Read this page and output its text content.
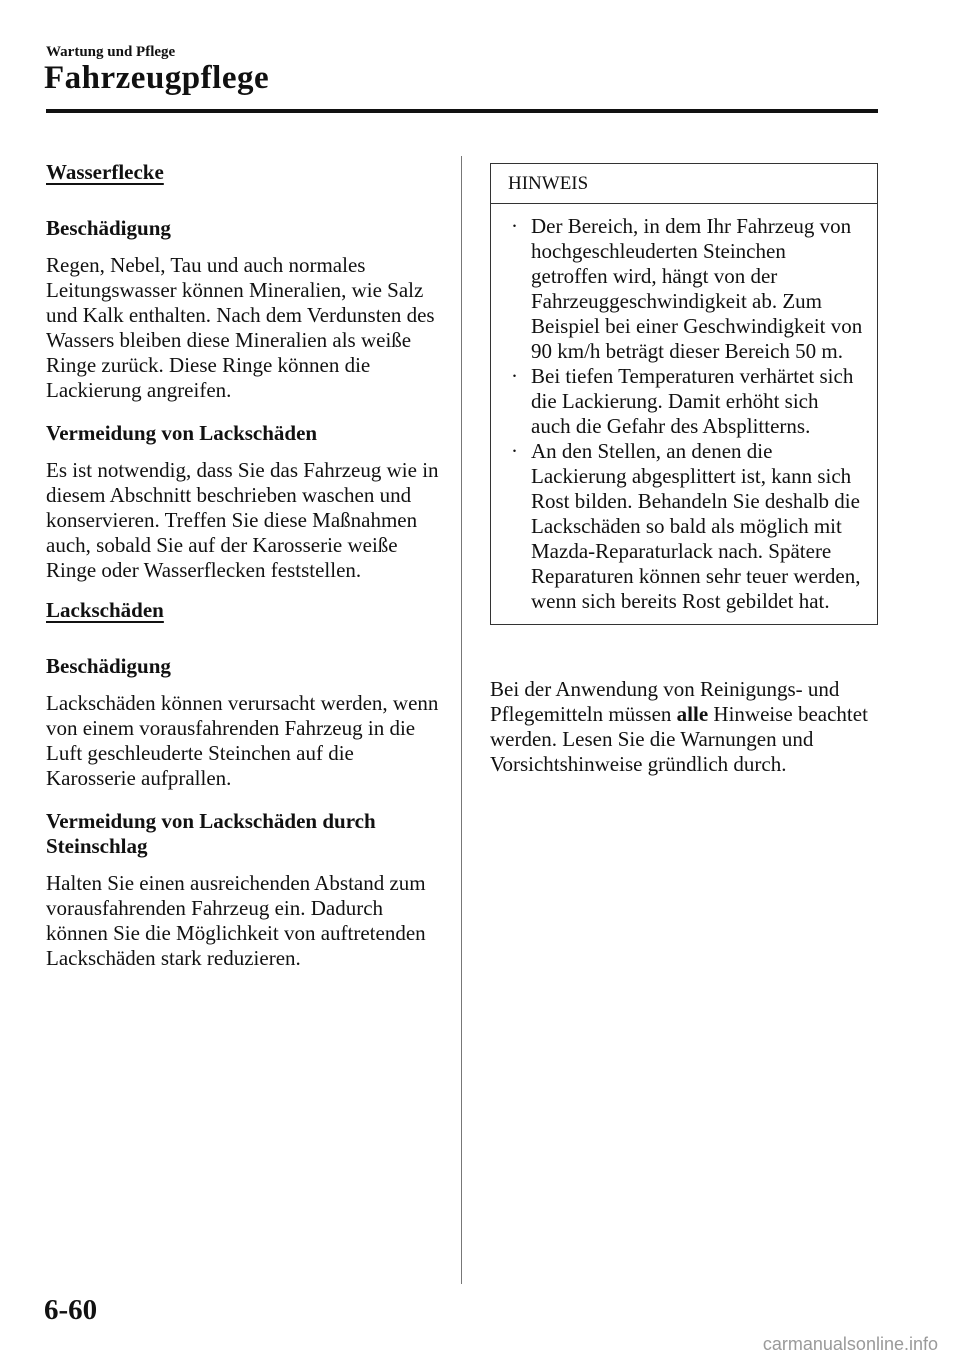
Wartung und Pflege
Fahrzeugpflege
Wasserflecke
Beschädigung

Regen, Nebel, Tau und auch normales Leitungswasser können Mineralien, wie Salz und Kalk enthalten. Nach dem Verdunsten des Wassers bleiben diese Mineralien als weiße Ringe zurück. Diese Ringe können die Lackierung angreifen.

Vermeidung von Lackschäden

Es ist notwendig, dass Sie das Fahrzeug wie in diesem Abschnitt beschrieben waschen und konservieren. Treffen Sie diese Maßnahmen auch, sobald Sie auf der Karosserie weiße Ringe oder Wasserflecken feststellen.

Lackschäden
Beschädigung

Lackschäden können verursacht werden, wenn von einem vorausfahrenden Fahrzeug in die Luft geschleuderte Steinchen auf die Karosserie aufprallen.

Vermeidung von Lackschäden durch Steinschlag

Halten Sie einen ausreichenden Abstand zum vorausfahrenden Fahrzeug ein. Dadurch können Sie die Möglichkeit von auftretenden Lackschäden stark reduzieren.

HINWEIS
· Der Bereich, in dem Ihr Fahrzeug von hochgeschleuderten Steinchen getroffen wird, hängt von der Fahrzeuggeschwindigkeit ab. Zum Beispiel bei einer Geschwindigkeit von 90 km/h beträgt dieser Bereich 50 m.
· Bei tiefen Temperaturen verhärtet sich die Lackierung. Damit erhöht sich auch die Gefahr des Absplitterns.
· An den Stellen, an denen die Lackierung abgesplittert ist, kann sich Rost bilden. Behandeln Sie deshalb die Lackschäden so bald als möglich mit Mazda-Reparaturlack nach. Spätere Reparaturen können sehr teuer werden, wenn sich bereits Rost gebildet hat.

Bei der Anwendung von Reinigungs- und Pflegemitteln müssen alle Hinweise beachtet werden. Lesen Sie die Warnungen und Vorsichtshinweise gründlich durch.

6-60
carmanualsonline.info
